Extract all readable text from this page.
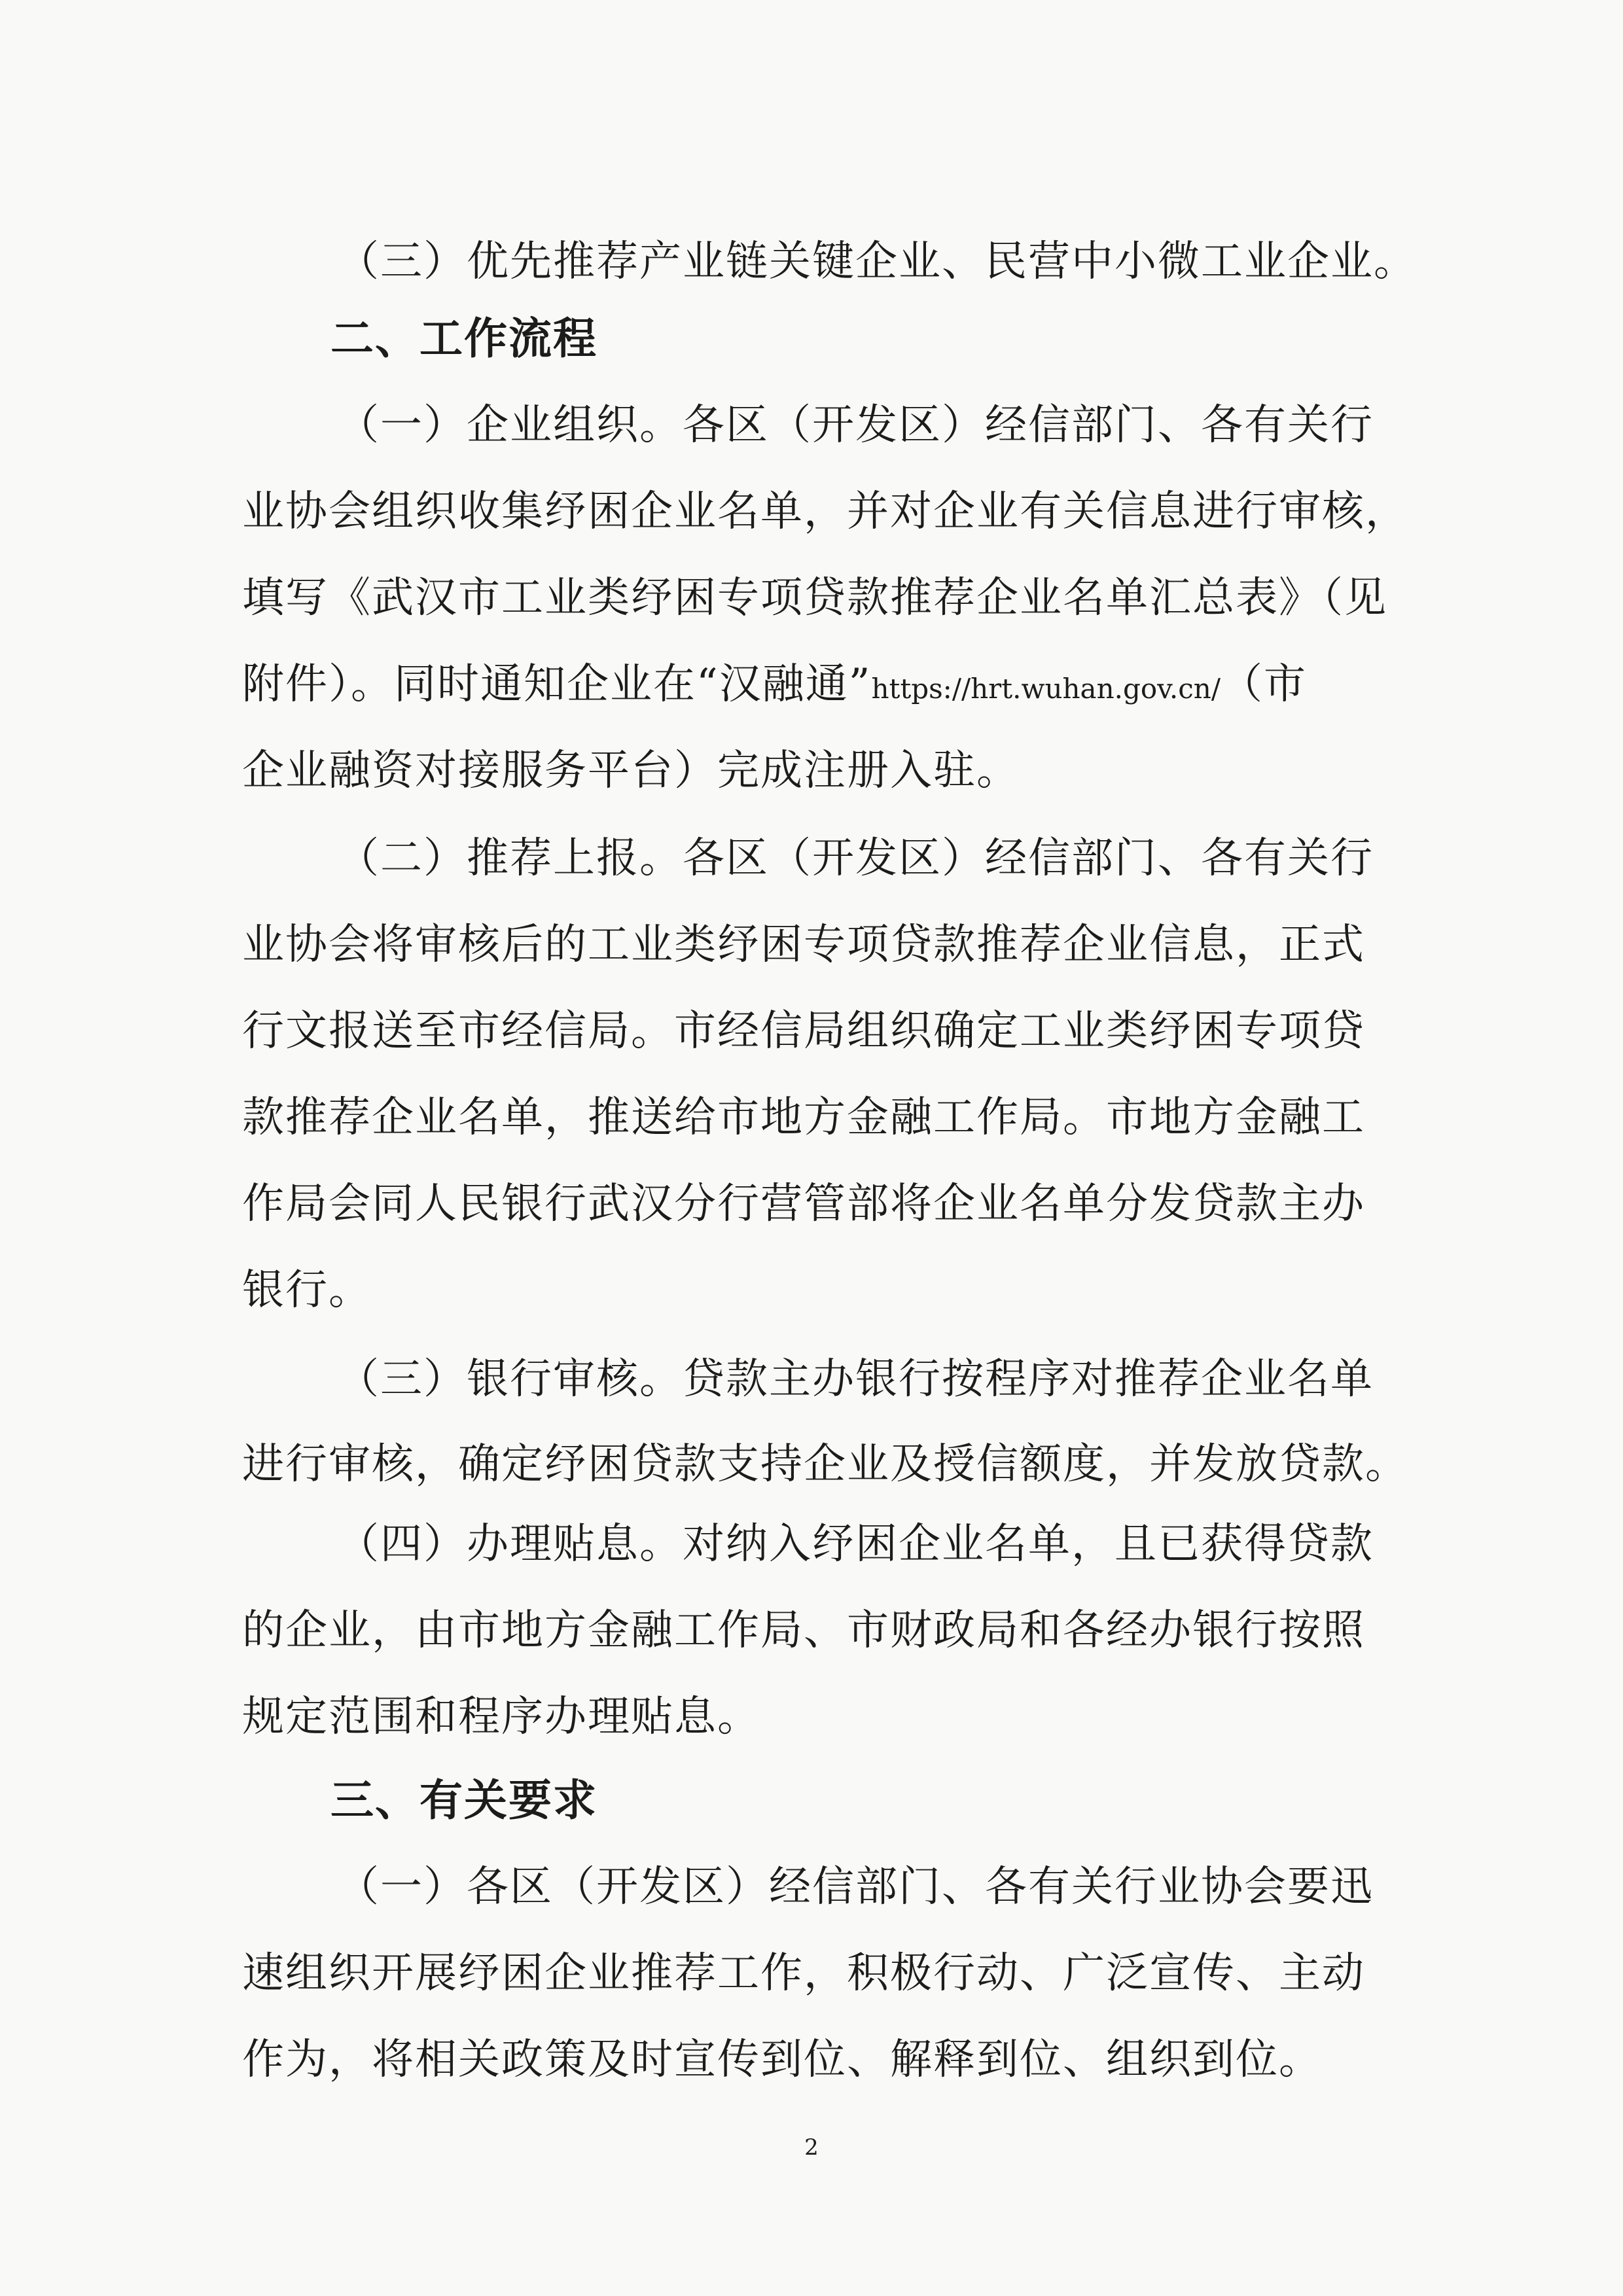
（三）优先推荐产业链关键企业、民营中小微工业企业。

二、工作流程

（一）企业组织。各区（开发区）经信部门、各有关行

业协会组织收集纾困企业名单，并对企业有关信息进行审核，

填写《武汉市工业类纾困专项贷款推荐企业名单汇总表》（见

附件）。同时通知企业在“汉融通”https://hrt.wuhan.gov.cn/（市

企业融资对接服务平台）完成注册入驻。

（二）推荐上报。各区（开发区）经信部门、各有关行

业协会将审核后的工业类纾困专项贷款推荐企业信息，正式

行文报送至市经信局。市经信局组织确定工业类纾困专项贷

款推荐企业名单，推送给市地方金融工作局。市地方金融工

作局会同人民银行武汉分行营管部将企业名单分发贷款主办

银行。

（三）银行审核。贷款主办银行按程序对推荐企业名单

进行审核，确定纾困贷款支持企业及授信额度，并发放贷款。

（四）办理贴息。对纳入纾困企业名单，且已获得贷款

的企业，由市地方金融工作局、市财政局和各经办银行按照

规定范围和程序办理贴息。

三、有关要求

（一）各区（开发区）经信部门、各有关行业协会要迅

速组织开展纾困企业推荐工作，积极行动、广泛宣传、主动

作为，将相关政策及时宣传到位、解释到位、组织到位。

2
